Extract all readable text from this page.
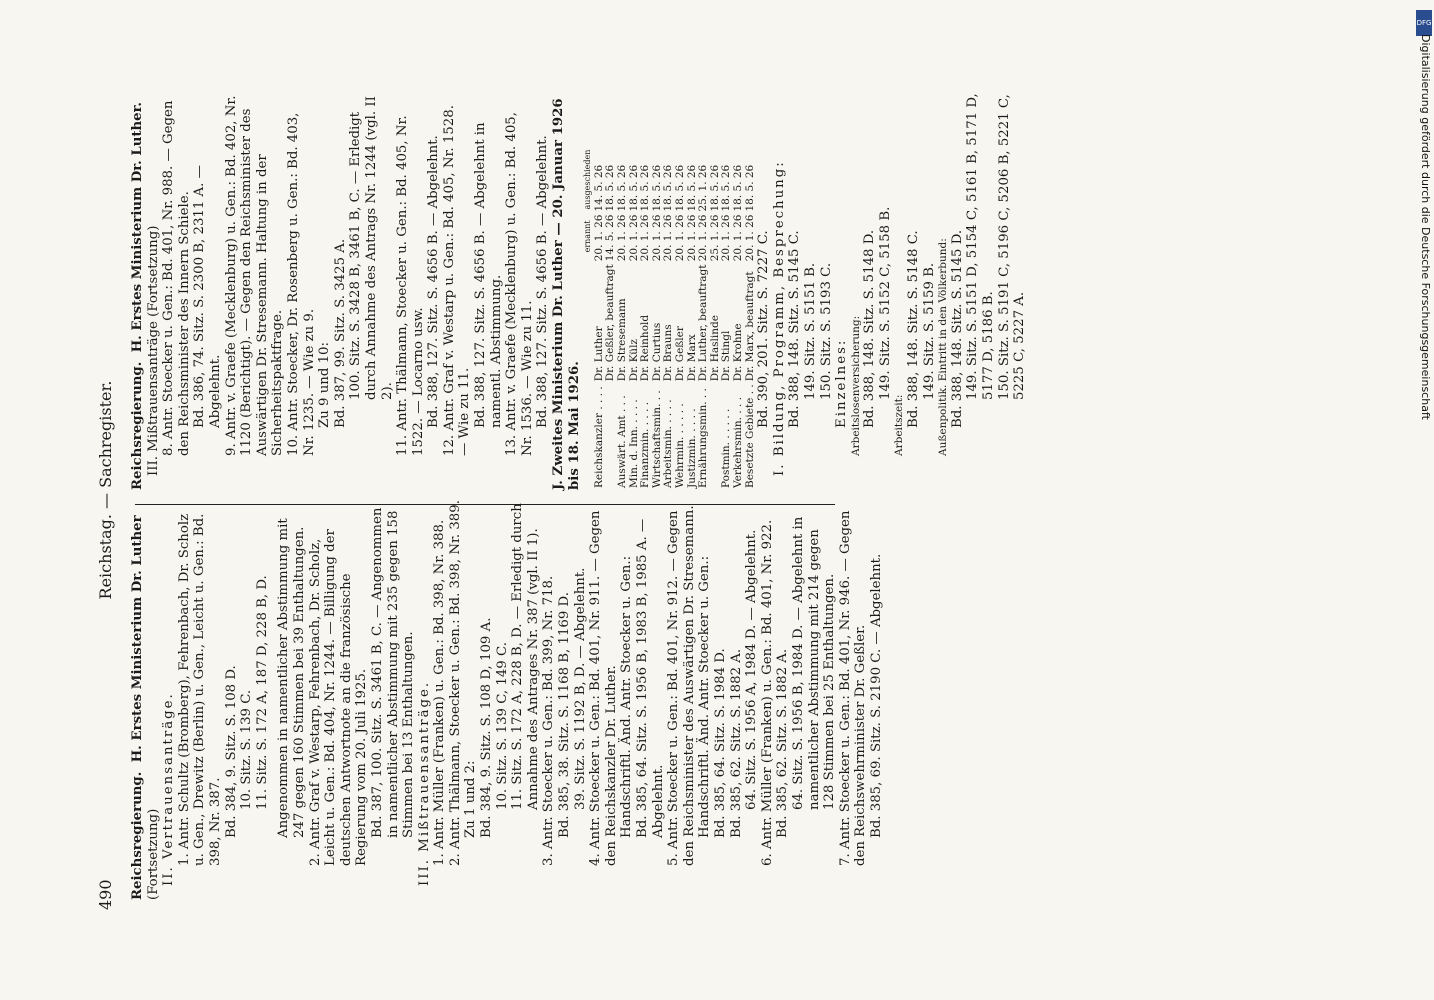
490
Reichstag. — Sachregister.

Reichsregierung.  H. Erstes Ministerium Dr. Luther (Fortsetzung) II. Vertrauensanträge. 1. Antr. Schultz (Bromberg), Fehrenbach, Dr. Scholz u. Gen., Drewitz (Berlin) u. Gen., Leicht u. Gen.: Bd. 398, Nr. 387. Bd. 384, 9. Sitz. S. 108 D. 10. Sitz. S. 139 C. 11. Sitz. S. 172 A, 187 D, 228 B, D. Angenommen in namentlicher Abstimmung mit 247 gegen 160 Stimmen bei 39 Enthaltungen. 2. Antr. Graf v. Westarp, Fehrenbach, Dr. Scholz, Leicht u. Gen.: Bd. 404, Nr. 1244. — Billigung der deutschen Antwortnote an die französische Regierung vom 20. Juli 1925. Bd. 387, 100. Sitz. S. 3461 B, C. — Angenommen in namentlicher Abstimmung mit 235 gegen 158 Stimmen bei 13 Enthaltungen. III. Mißtrauensanträge. 1. Antr. Müller (Franken) u. Gen.: Bd. 398, Nr. 388. 2. Antr. Thälmann, Stoecker u. Gen.: Bd. 398, Nr. 389. Zu 1 und 2: Bd. 384, 9. Sitz. S. 108 D, 109 A. 10. Sitz. S. 139 C, 149 C. 11. Sitz. S. 172 A, 228 B, D. — Erledigt durch Annahme des Antrages Nr. 387 (vgl. II 1). 3. Antr. Stoecker u. Gen.: Bd. 399, Nr. 718. Bd. 385, 38. Sitz. S. 1168 B, 1169 D. 39. Sitz. S. 1192 B, D. — Abgelehnt. 4. Antr. Stoecker u. Gen.: Bd. 401, Nr. 911. — Gegen den Reichskanzler Dr. Luther. Handschriftl. Änd. Antr. Stoecker u. Gen.: Bd. 385, 64. Sitz. S. 1956 B, 1983 B, 1985 A. — Abgelehnt. 5. Antr. Stoecker u. Gen.: Bd. 401, Nr. 912. — Gegen den Reichsminister des Auswärtigen Dr. Stresemann. Handschriftl. Änd. Antr. Stoecker u. Gen.: Bd. 385, 64. Sitz. S. 1984 D. Bd. 385, 62. Sitz. S. 1882 A. 64. Sitz. S. 1956 A, 1984 D. — Abgelehnt. 6. Antr. Müller (Franken) u. Gen.: Bd. 401, Nr. 922. Bd. 385, 62. Sitz. S. 1882 A. 64. Sitz. S. 1956 B, 1984 D. — Abgelehnt in namentlicher Abstimmung mit 214 gegen 128 Stimmen bei 25 Enthaltungen. 7. Antr. Stoecker u. Gen.: Bd. 401, Nr. 946. — Gegen den Reichswehrminister Dr. Geßler. Bd. 385, 69. Sitz. S. 2190 C. — Abgelehnt.

Reichsregierung.  H. Erstes Ministerium Dr. Luther. III. Mißtrauensanträge (Fortsetzung) 8. Antr. Stoecker u. Gen.: Bd. 401, Nr. 988. — Gegen den Reichsminister des Innern Schiele. Bd. 386, 74. Sitz. S. 2300 B, 2311 A. — Abgelehnt. 9. Antr. v. Graefe (Mecklenburg) u. Gen.: Bd. 402, Nr. 1120 (Berichtigt). — Gegen den Reichsminister des Auswärtigen Dr. Stresemann. Haltung in der Sicherheitspaktfrage. 10. Antr. Stoecker, Dr. Rosenberg u. Gen.: Bd. 403, Nr. 1235. — Wie zu 9. Zu 9 und 10: Bd. 387, 99. Sitz. S. 3425 A. 100. Sitz. S. 3428 B, 3461 B, C. — Erledigt durch Annahme des Antrags Nr. 1244 (vgl. II 2). 11. Antr. Thälmann, Stoecker u. Gen.: Bd. 405, Nr. 1522. — Locarno usw. Bd. 388, 127. Sitz. S. 4656 B. — Abgelehnt. 12. Antr. Graf v. Westarp u. Gen.: Bd. 405, Nr. 1528. — Wie zu 11. Bd. 388, 127. Sitz. S. 4656 B. — Abgelehnt in namentl. Abstimmung. 13. Antr. v. Graefe (Mecklenburg) u. Gen.: Bd. 405, Nr. 1536. — Wie zu 11. Bd. 388, 127. Sitz. S. 4656 B. — Abgelehnt. J. Zweites Ministerium Dr. Luther — 20. Januar 1926 bis 18. Mai 1926.

		ernannt	ausgeschieden
Reichskanzler . . . .	Dr. Luther	20. 1. 26	14. 5. 26
	Dr. Geßler, beauftragt	14. 5. 26	18. 5. 26
Auswärt. Amt . . .	Dr. Stresemann	20. 1. 26	18. 5. 26
Min. d. Inn. . . . .	Dr. Külz	20. 1. 26	18. 5. 26
Finanzmin. . . . .	Dr. Reinhold	20. 1. 26	18. 5. 26
Wirtschaftsmin. . .	Dr. Curtius	20. 1. 26	18. 5. 26
Arbeitsmin. . . . .	Dr. Brauns	20. 1. 26	18. 5. 26
Wehrmin. . . . . .	Dr. Geßler	20. 1. 26	18. 5. 26
Justizmin. . . . .	Dr. Marx	20. 1. 26	18. 5. 26
Ernährungsmin. . .	Dr. Luther, beauftragt	20. 1. 26	25. 1. 26
	Dr. Haslinde	25. 1. 26	18. 5. 26
Postmin. . . . . .	Dr. Stingl	20. 1. 26	18. 5. 26
Verkehrsmin. . . .	Dr. Krohne	20. 1. 26	18. 5. 26
Besetzte Gebiete . .	Dr. Marx, beauftragt	20. 1. 26	18. 5. 26

Bd. 390, 201. Sitz. S. 7227 C. I. Bildung, Programm, Besprechung: Bd. 388, 148. Sitz. S. 5145 C. 149. Sitz. S. 5151 B. 150. Sitz. S. 5193 C. Einzelnes: Arbeitslosenversicherung: Bd. 388, 148. Sitz. S. 5148 D. 149. Sitz. S. 5152 C, 5158 B.

Arbeitszeit: Bd. 388, 148. Sitz. S. 5148 C. 149. Sitz. S. 5159 B. Außenpolitik. Eintritt in den Völkerbund: Bd. 388, 148. Sitz. S. 5145 D. 149. Sitz. S. 5151 D, 5154 C, 5161 B, 5171 D, 5177 D, 5186 B. 150. Sitz. S. 5191 C, 5196 C, 5206 B, 5221 C, 5225 C, 5227 A.

DFG
Digitalisierung gefördert durch die Deutsche Forschungsgemeinschaft
